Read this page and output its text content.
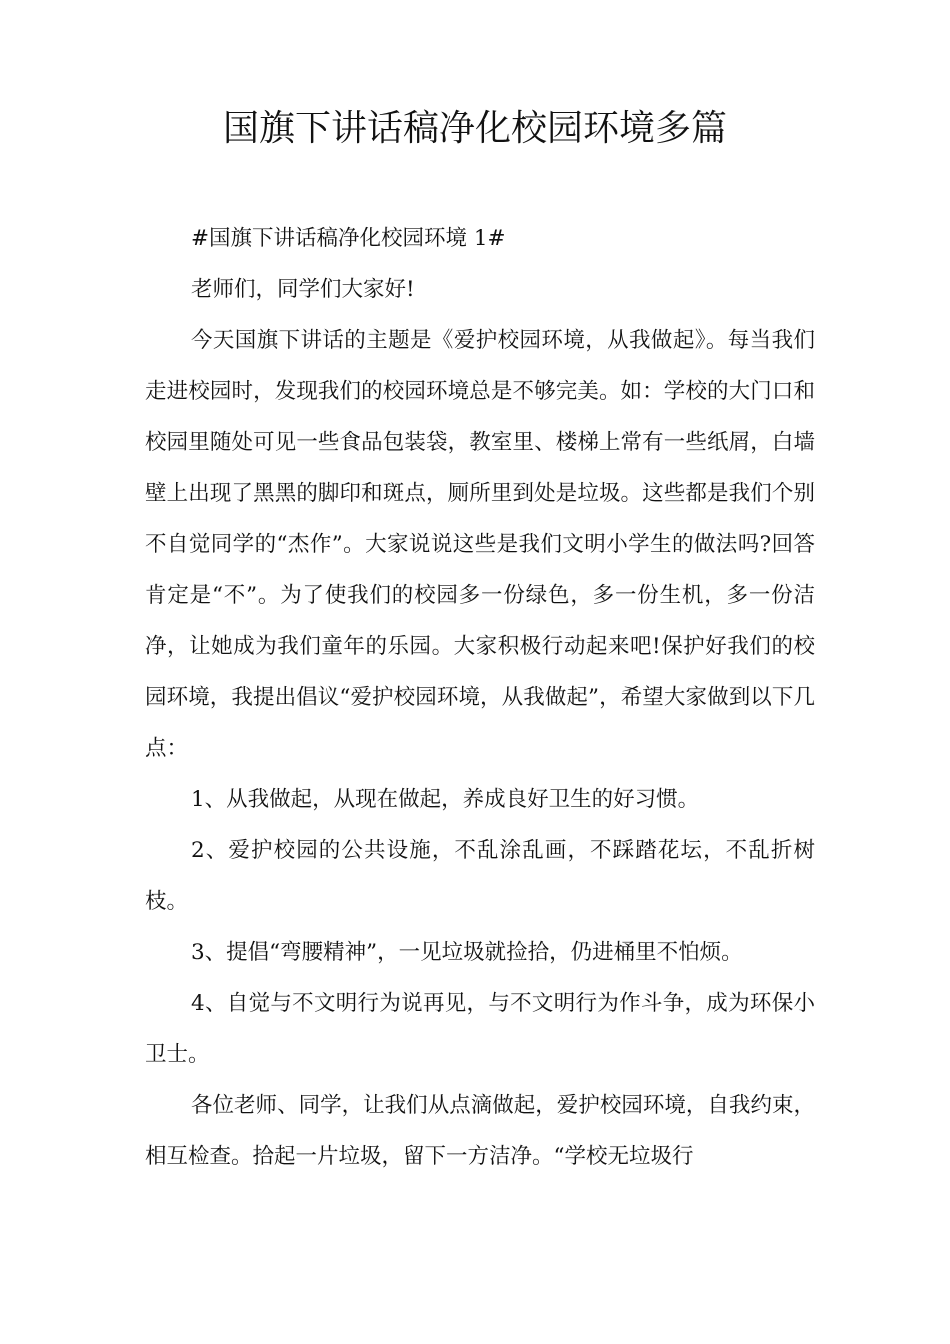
国旗下讲话稿净化校园环境多篇

#国旗下讲话稿净化校园环境 1#

老师们，同学们大家好!

今天国旗下讲话的主题是《爱护校园环境，从我做起》。每当我们走进校园时，发现我们的校园环境总是不够完美。如：学校的大门口和校园里随处可见一些食品包装袋，教室里、楼梯上常有一些纸屑，白墙壁上出现了黑黑的脚印和斑点，厕所里到处是垃圾。这些都是我们个别不自觉同学的“杰作”。大家说说这些是我们文明小学生的做法吗?回答肯定是“不”。为了使我们的校园多一份绿色，多一份生机，多一份洁净，让她成为我们童年的乐园。大家积极行动起来吧!保护好我们的校园环境，我提出倡议“爱护校园环境，从我做起”，希望大家做到以下几点：

1、从我做起，从现在做起，养成良好卫生的好习惯。

2、爱护校园的公共设施，不乱涂乱画，不踩踏花坛，不乱折树枝。

3、提倡“弯腰精神”，一见垃圾就捡拾，仍进桶里不怕烦。

4、自觉与不文明行为说再见，与不文明行为作斗争，成为环保小卫士。

各位老师、同学，让我们从点滴做起，爱护校园环境，自我约束，相互检查。拾起一片垃圾，留下一方洁净。“学校无垃圾行
